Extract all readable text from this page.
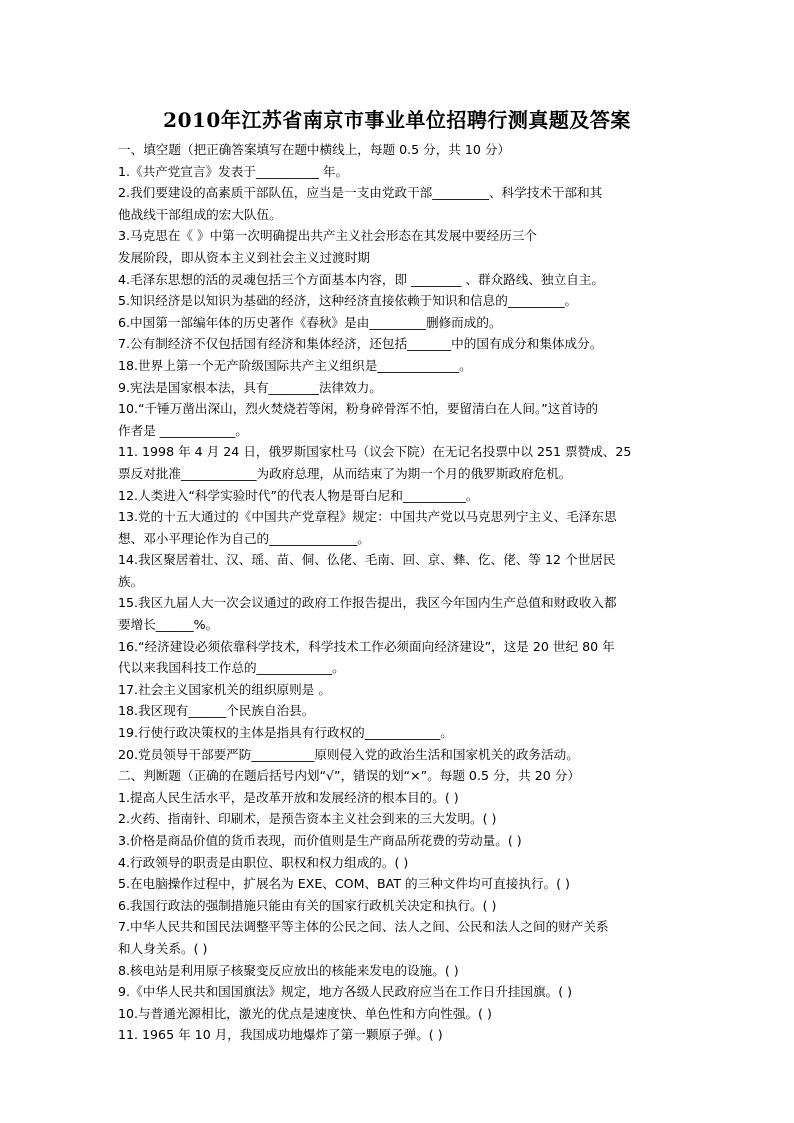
2010年江苏省南京市事业单位招聘行测真题及答案
一、填空题（把正确答案填写在题中横线上，每题 0.5 分，共 10 分）
1.《共产党宣言》发表于__________ 年。
2.我们要建设的高素质干部队伍，应当是一支由党政干部_________、科学技术干部和其
他战线干部组成的宏大队伍。
3.马克思在《 》中第一次明确提出共产主义社会形态在其发展中要经历三个
发展阶段，即从资本主义到社会主义过渡时期
4.毛泽东思想的活的灵魂包括三个方面基本内容，即 ________ 、群众路线、独立自主。
5.知识经济是以知识为基础的经济，这种经济直接依赖于知识和信息的_________。
6.中国第一部编年体的历史著作《春秋》是由_________删修而成的。
7.公有制经济不仅包括国有经济和集体经济，还包括_______中的国有成分和集体成分。
18.世界上第一个无产阶级国际共产主义组织是_____________。
9.宪法是国家根本法，具有________法律效力。
10.“千锤万凿出深山，烈火焚烧若等闲，粉身碎骨浑不怕，要留清白在人间。”这首诗的
作者是 ____________。
11. 1998 年 4 月 24 日，俄罗斯国家杜马（议会下院）在无记名投票中以 251 票赞成、25
票反对批准____________为政府总理，从而结束了为期一个月的俄罗斯政府危机。
12.人类进入“科学实验时代”的代表人物是哥白尼和__________。
13.党的十五大通过的《中国共产党章程》规定：中国共产党以马克思列宁主义、毛泽东思
想、邓小平理论作为自己的______________。
14.我区聚居着壮、汉、瑶、苗、侗、仫佬、毛南、回、京、彝、仡、佬、等 12 个世居民
族。
15.我区九届人大一次会议通过的政府工作报告提出，我区今年国内生产总值和财政收入都
要增长______%。
16.“经济建设必须依靠科学技术，科学技术工作必须面向经济建设”，这是 20 世纪 80 年
代以来我国科技工作总的____________。
17.社会主义国家机关的组织原则是 。
18.我区现有______个民族自治县。
19.行使行政决策权的主体是指具有行政权的____________。
20.党员领导干部要严防__________原则侵入党的政治生活和国家机关的政务活动。
二、判断题（正确的在题后括号内划“√”，错误的划“×”。每题 0.5 分，共 20 分）
1.提高人民生活水平，是改革开放和发展经济的根本目的。( )
2.火药、指南针、印刷术，是预告资本主义社会到来的三大发明。( )
3.价格是商品价值的货币表现，而价值则是生产商品所花费的劳动量。( )
4.行政领导的职责是由职位、职权和权力组成的。( )
5.在电脑操作过程中，扩展名为 EXE、COM、BAT 的三种文件均可直接执行。( )
6.我国行政法的强制措施只能由有关的国家行政机关决定和执行。( )
7.中华人民共和国民法调整平等主体的公民之间、法人之间、公民和法人之间的财产关系
和人身关系。( )
8.核电站是利用原子核聚变反应放出的核能来发电的设施。( )
9.《中华人民共和国国旗法》规定，地方各级人民政府应当在工作日升挂国旗。( )
10.与普通光源相比，激光的优点是速度快、单色性和方向性强。( )
11. 1965 年 10 月，我国成功地爆炸了第一颗原子弹。( )
